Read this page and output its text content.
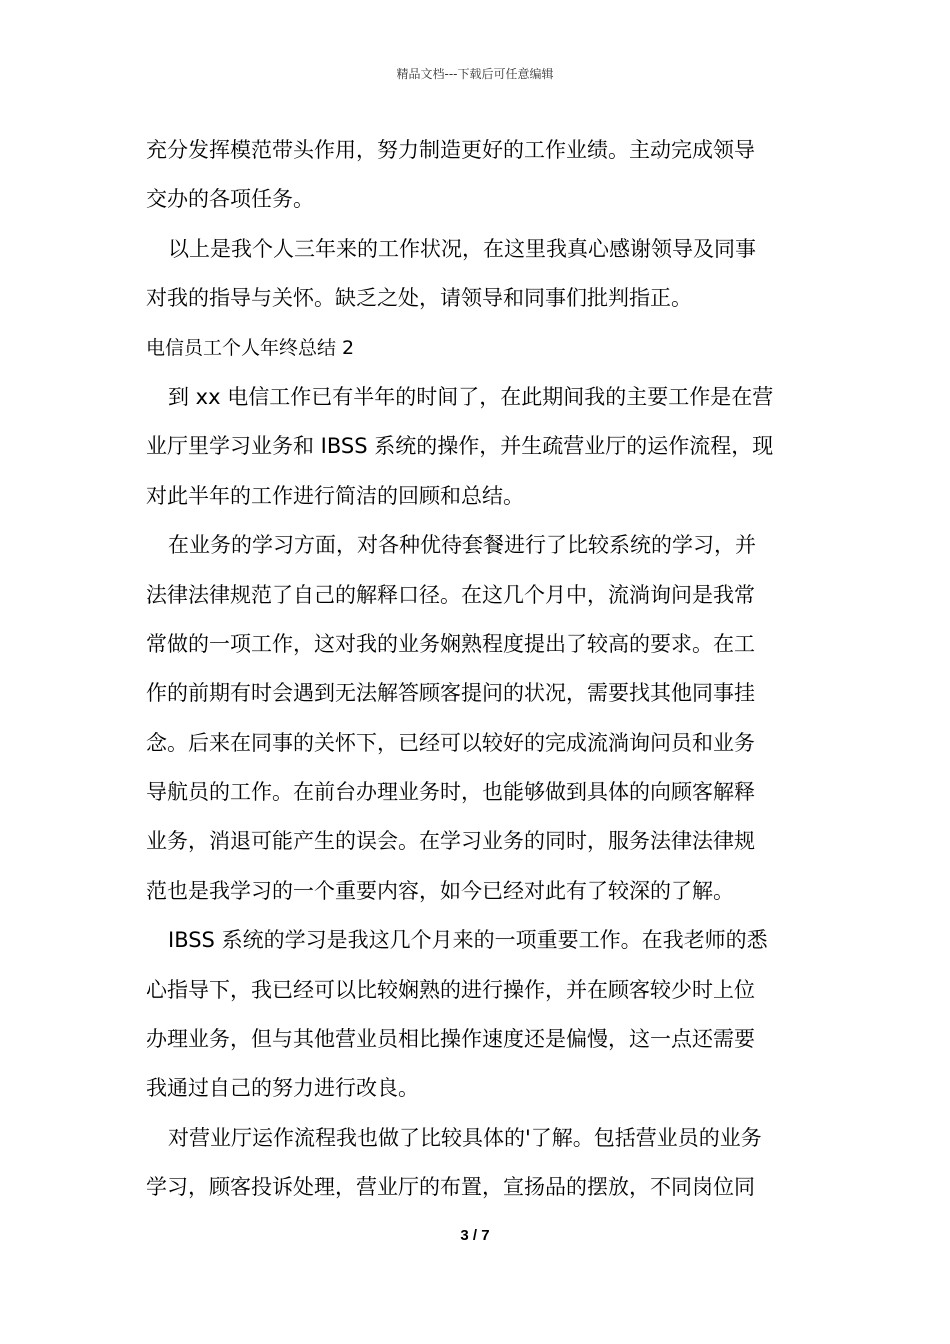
精品文档---下载后可任意编辑
充分发挥模范带头作用，努力制造更好的工作业绩。主动完成领导
交办的各项任务。
以上是我个人三年来的工作状况，在这里我真心感谢领导及同事
对我的指导与关怀。缺乏之处，请领导和同事们批判指正。
电信员工个人年终总结 2
到 xx 电信工作已有半年的时间了，在此期间我的主要工作是在营
业厅里学习业务和 IBSS 系统的操作，并生疏营业厅的运作流程，现
对此半年的工作进行简洁的回顾和总结。
在业务的学习方面，对各种优待套餐进行了比较系统的学习，并
法律法律规范了自己的解释口径。在这几个月中，流淌询问是我常
常做的一项工作，这对我的业务娴熟程度提出了较高的要求。在工
作的前期有时会遇到无法解答顾客提问的状况，需要找其他同事挂
念。后来在同事的关怀下，已经可以较好的完成流淌询问员和业务
导航员的工作。在前台办理业务时，也能够做到具体的向顾客解释
业务，消退可能产生的误会。在学习业务的同时，服务法律法律规
范也是我学习的一个重要内容，如今已经对此有了较深的了解。
IBSS 系统的学习是我这几个月来的一项重要工作。在我老师的悉
心指导下，我已经可以比较娴熟的进行操作，并在顾客较少时上位
办理业务，但与其他营业员相比操作速度还是偏慢，这一点还需要
我通过自己的努力进行改良。
对营业厅运作流程我也做了比较具体的'了解。包括营业员的业务
学习，顾客投诉处理，营业厅的布置，宣扬品的摆放，不同岗位同
3 / 7
